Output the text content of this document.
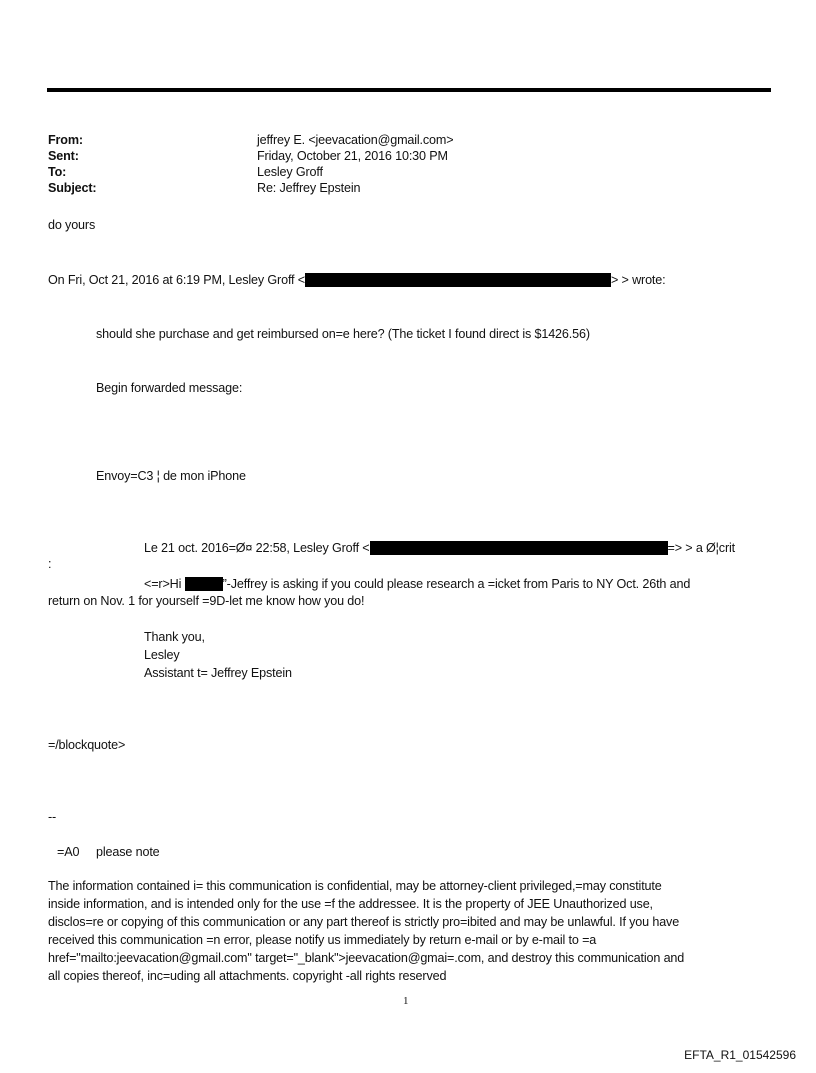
From:	jeffrey E. <jeevacation@gmail.com>
Sent:	Friday, October 21, 2016 10:30 PM
To:	Lesley Groff
Subject:	Re: Jeffrey Epstein
do yours
On Fri, Oct 21, 2016 at 6:19 PM, Lesley Groff <	> > wrote:
should she purchase and get reimbursed on=e here? (The ticket I found direct is $1426.56)
Begin forwarded message:
Envoy=C3 ¦ de mon iPhone
Le 21 oct. 2016=Ø¤ 22:58, Lesley Groff <	=> > a Ø¦crit
:
<=r>Hi	”-Jeffrey is asking if you could please research a =icket from Paris to NY Oct. 26th and
return on Nov. 1 for yourself =9D-let me know how you do!
Thank you,
Lesley
Assistant t= Jeffrey Epstein
=/blockquote>
--
=A0     please note
The information contained i= this communication is confidential, may be attorney-client privileged,=may constitute
inside information, and is intended only for the use =f the addressee. It is the property of JEE Unauthorized use,
disclos=re or copying of this communication or any part thereof is strictly pro=ibited and may be unlawful. If you have
received this communication =n error, please notify us immediately by return e-mail or by e-mail to =a
href="mailto:jeevacation@gmail.com" target="_blank">jeevacation@gmai=.com, and destroy this communication and
all copies thereof, inc=uding all attachments. copyright -all rights reserved
1
EFTA_R1_01542596
